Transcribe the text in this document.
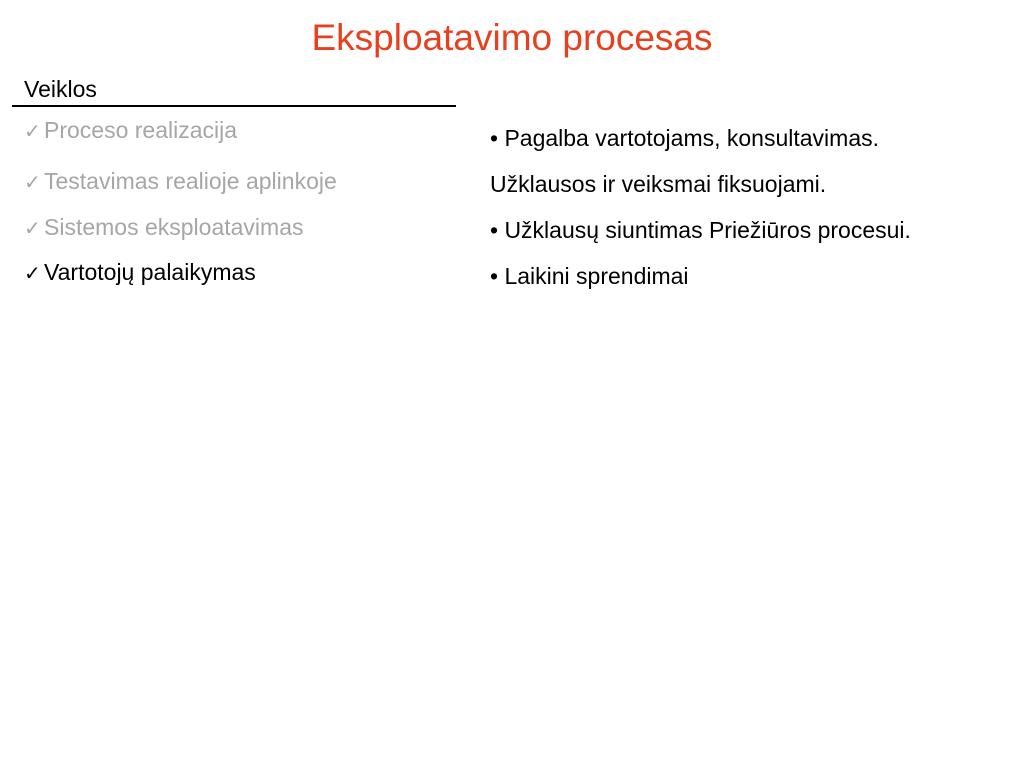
Eksploatavimo procesas
Veiklos
✓ Proceso realizacija
✓ Testavimas realioje aplinkoje
✓ Sistemos eksploatavimas
✓ Vartotojų palaikymas
• Pagalba vartotojams, konsultavimas.
Užklausos ir veiksmai fiksuojami.
• Užklausų siuntimas Priežiūros procesui.
• Laikini sprendimai
